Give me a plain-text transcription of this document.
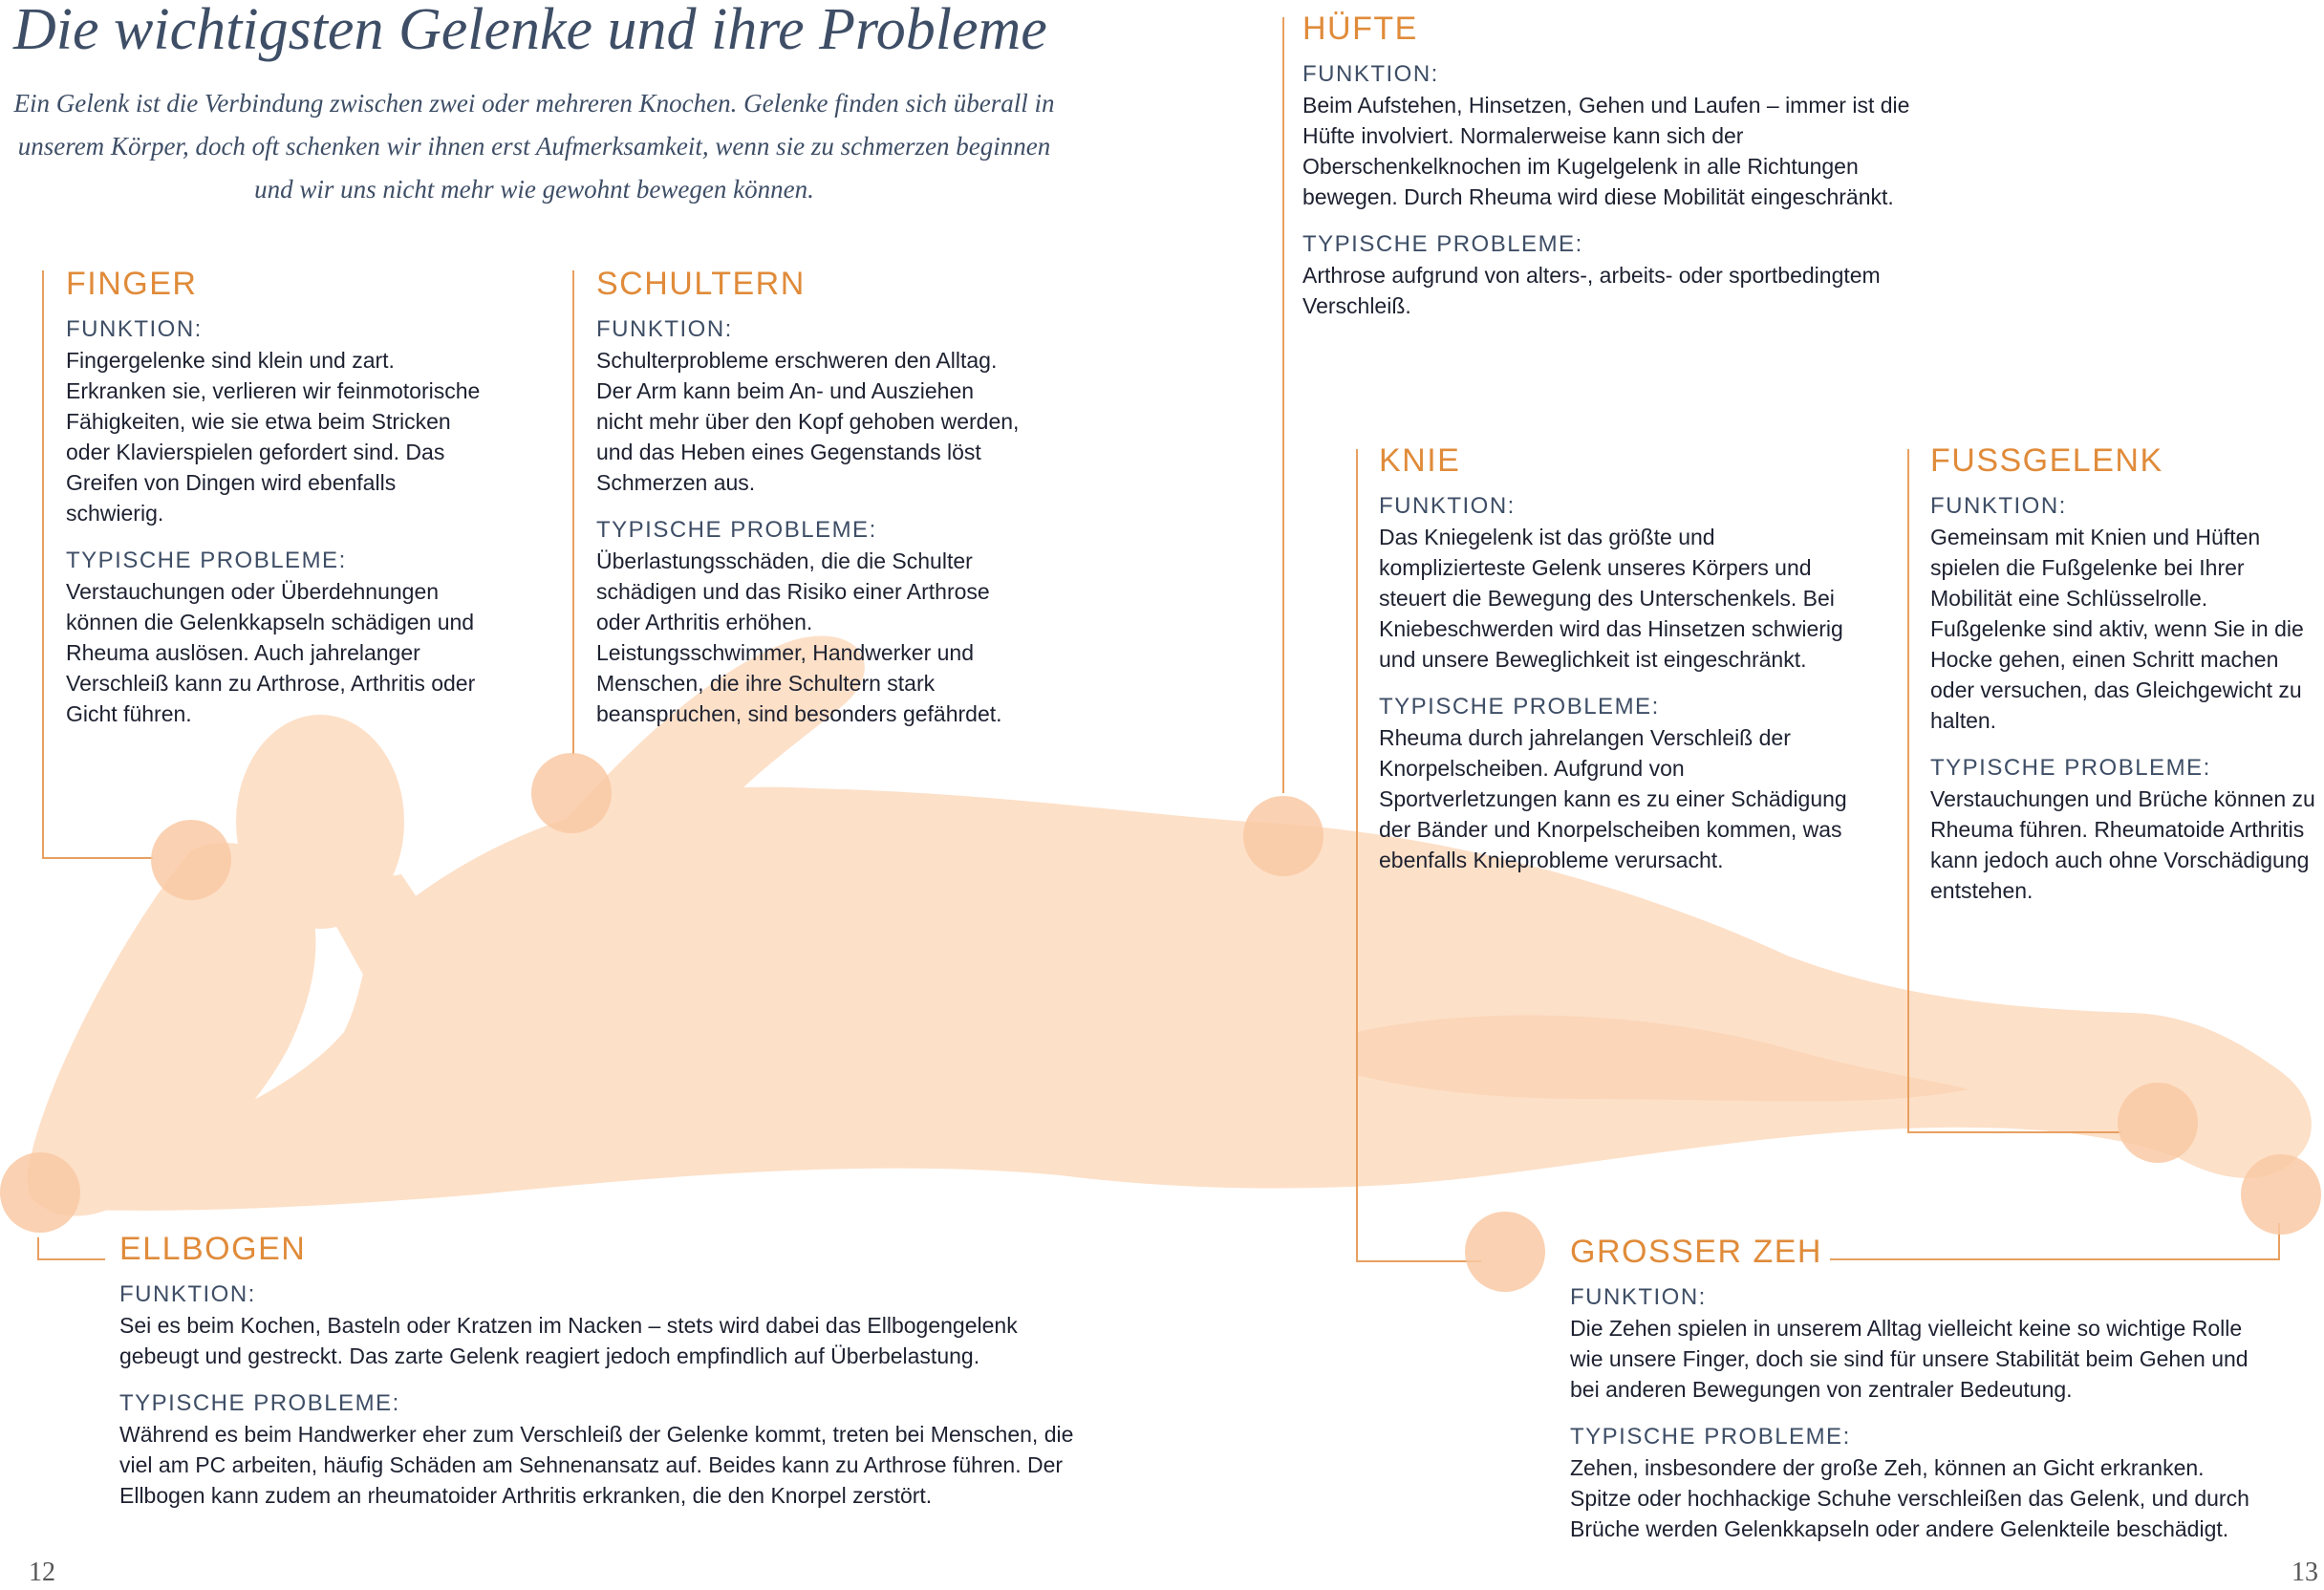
Die wichtigsten Gelenke und ihre Probleme

Ein Gelenk ist die Verbindung zwischen zwei oder mehreren Knochen. Gelenke finden sich überall in unserem Körper, doch oft schenken wir ihnen erst Aufmerksamkeit, wenn sie zu schmerzen beginnen und wir uns nicht mehr wie gewohnt bewegen können.

FINGER
FUNKTION:

Fingergelenke sind klein und zart. Erkranken sie, verlieren wir feinmotorische Fähigkeiten, wie sie etwa beim Stricken oder Klavierspielen gefordert sind. Das Greifen von Dingen wird ebenfalls schwierig.

TYPISCHE PROBLEME:

Verstauchungen oder Überdehnungen können die Gelenkkapseln schädigen und Rheuma auslösen. Auch jahrelanger Verschleiß kann zu Arthrose, Arthritis oder Gicht führen.

SCHULTERN
FUNKTION:

Schulterprobleme erschweren den Alltag. Der Arm kann beim An- und Ausziehen nicht mehr über den Kopf gehoben werden, und das Heben eines Gegenstands löst Schmerzen aus.

TYPISCHE PROBLEME:

Überlastungsschäden, die die Schulter schädigen und das Risiko einer Arthrose oder Arthritis erhöhen. Leistungsschwimmer, Handwerker und Menschen, die ihre Schultern stark beanspruchen, sind besonders gefährdet.

HÜFTE
FUNKTION:

Beim Aufstehen, Hinsetzen, Gehen und Laufen – immer ist die Hüfte involviert. Normalerweise kann sich der Oberschenkelknochen im Kugelgelenk in alle Richtungen bewegen. Durch Rheuma wird diese Mobilität eingeschränkt.

TYPISCHE PROBLEME:

Arthrose aufgrund von alters-, arbeits- oder sportbedingtem Verschleiß.

KNIE
FUNKTION:

Das Kniegelenk ist das größte und komplizierteste Gelenk unseres Körpers und steuert die Bewegung des Unterschenkels. Bei Kniebeschwerden wird das Hinsetzen schwierig und unsere Beweglichkeit ist eingeschränkt.

TYPISCHE PROBLEME:

Rheuma durch jahrelangen Verschleiß der Knorpelscheiben. Aufgrund von Sportverletzungen kann es zu einer Schädigung der Bänder und Knorpelscheiben kommen, was ebenfalls Knieprobleme verursacht.

FUSSGELENK
FUNKTION:

Gemeinsam mit Knien und Hüften spielen die Fußgelenke bei Ihrer Mobilität eine Schlüsselrolle. Fußgelenke sind aktiv, wenn Sie in die Hocke gehen, einen Schritt machen oder versuchen, das Gleichgewicht zu halten.

TYPISCHE PROBLEME:

Verstauchungen und Brüche können zu Rheuma führen. Rheumatoide Arthritis kann jedoch auch ohne Vorschädigung entstehen.

ELLBOGEN
FUNKTION:

Sei es beim Kochen, Basteln oder Kratzen im Nacken – stets wird dabei das Ellbogengelenk gebeugt und gestreckt. Das zarte Gelenk reagiert jedoch empfindlich auf Überbelastung.

TYPISCHE PROBLEME:

Während es beim Handwerker eher zum Verschleiß der Gelenke kommt, treten bei Menschen, die viel am PC arbeiten, häufig Schäden am Sehnenansatz auf. Beides kann zu Arthrose führen. Der Ellbogen kann zudem an rheumatoider Arthritis erkranken, die den Knorpel zerstört.

GROSSER ZEH
FUNKTION:

Die Zehen spielen in unserem Alltag vielleicht keine so wichtige Rolle wie unsere Finger, doch sie sind für unsere Stabilität beim Gehen und bei anderen Bewegungen von zentraler Bedeutung.

TYPISCHE PROBLEME:

Zehen, insbesondere der große Zeh, können an Gicht erkranken. Spitze oder hochhackige Schuhe verschleißen das Gelenk, und durch Brüche werden Gelenkkapseln oder andere Gelenkteile beschädigt.

12	13
